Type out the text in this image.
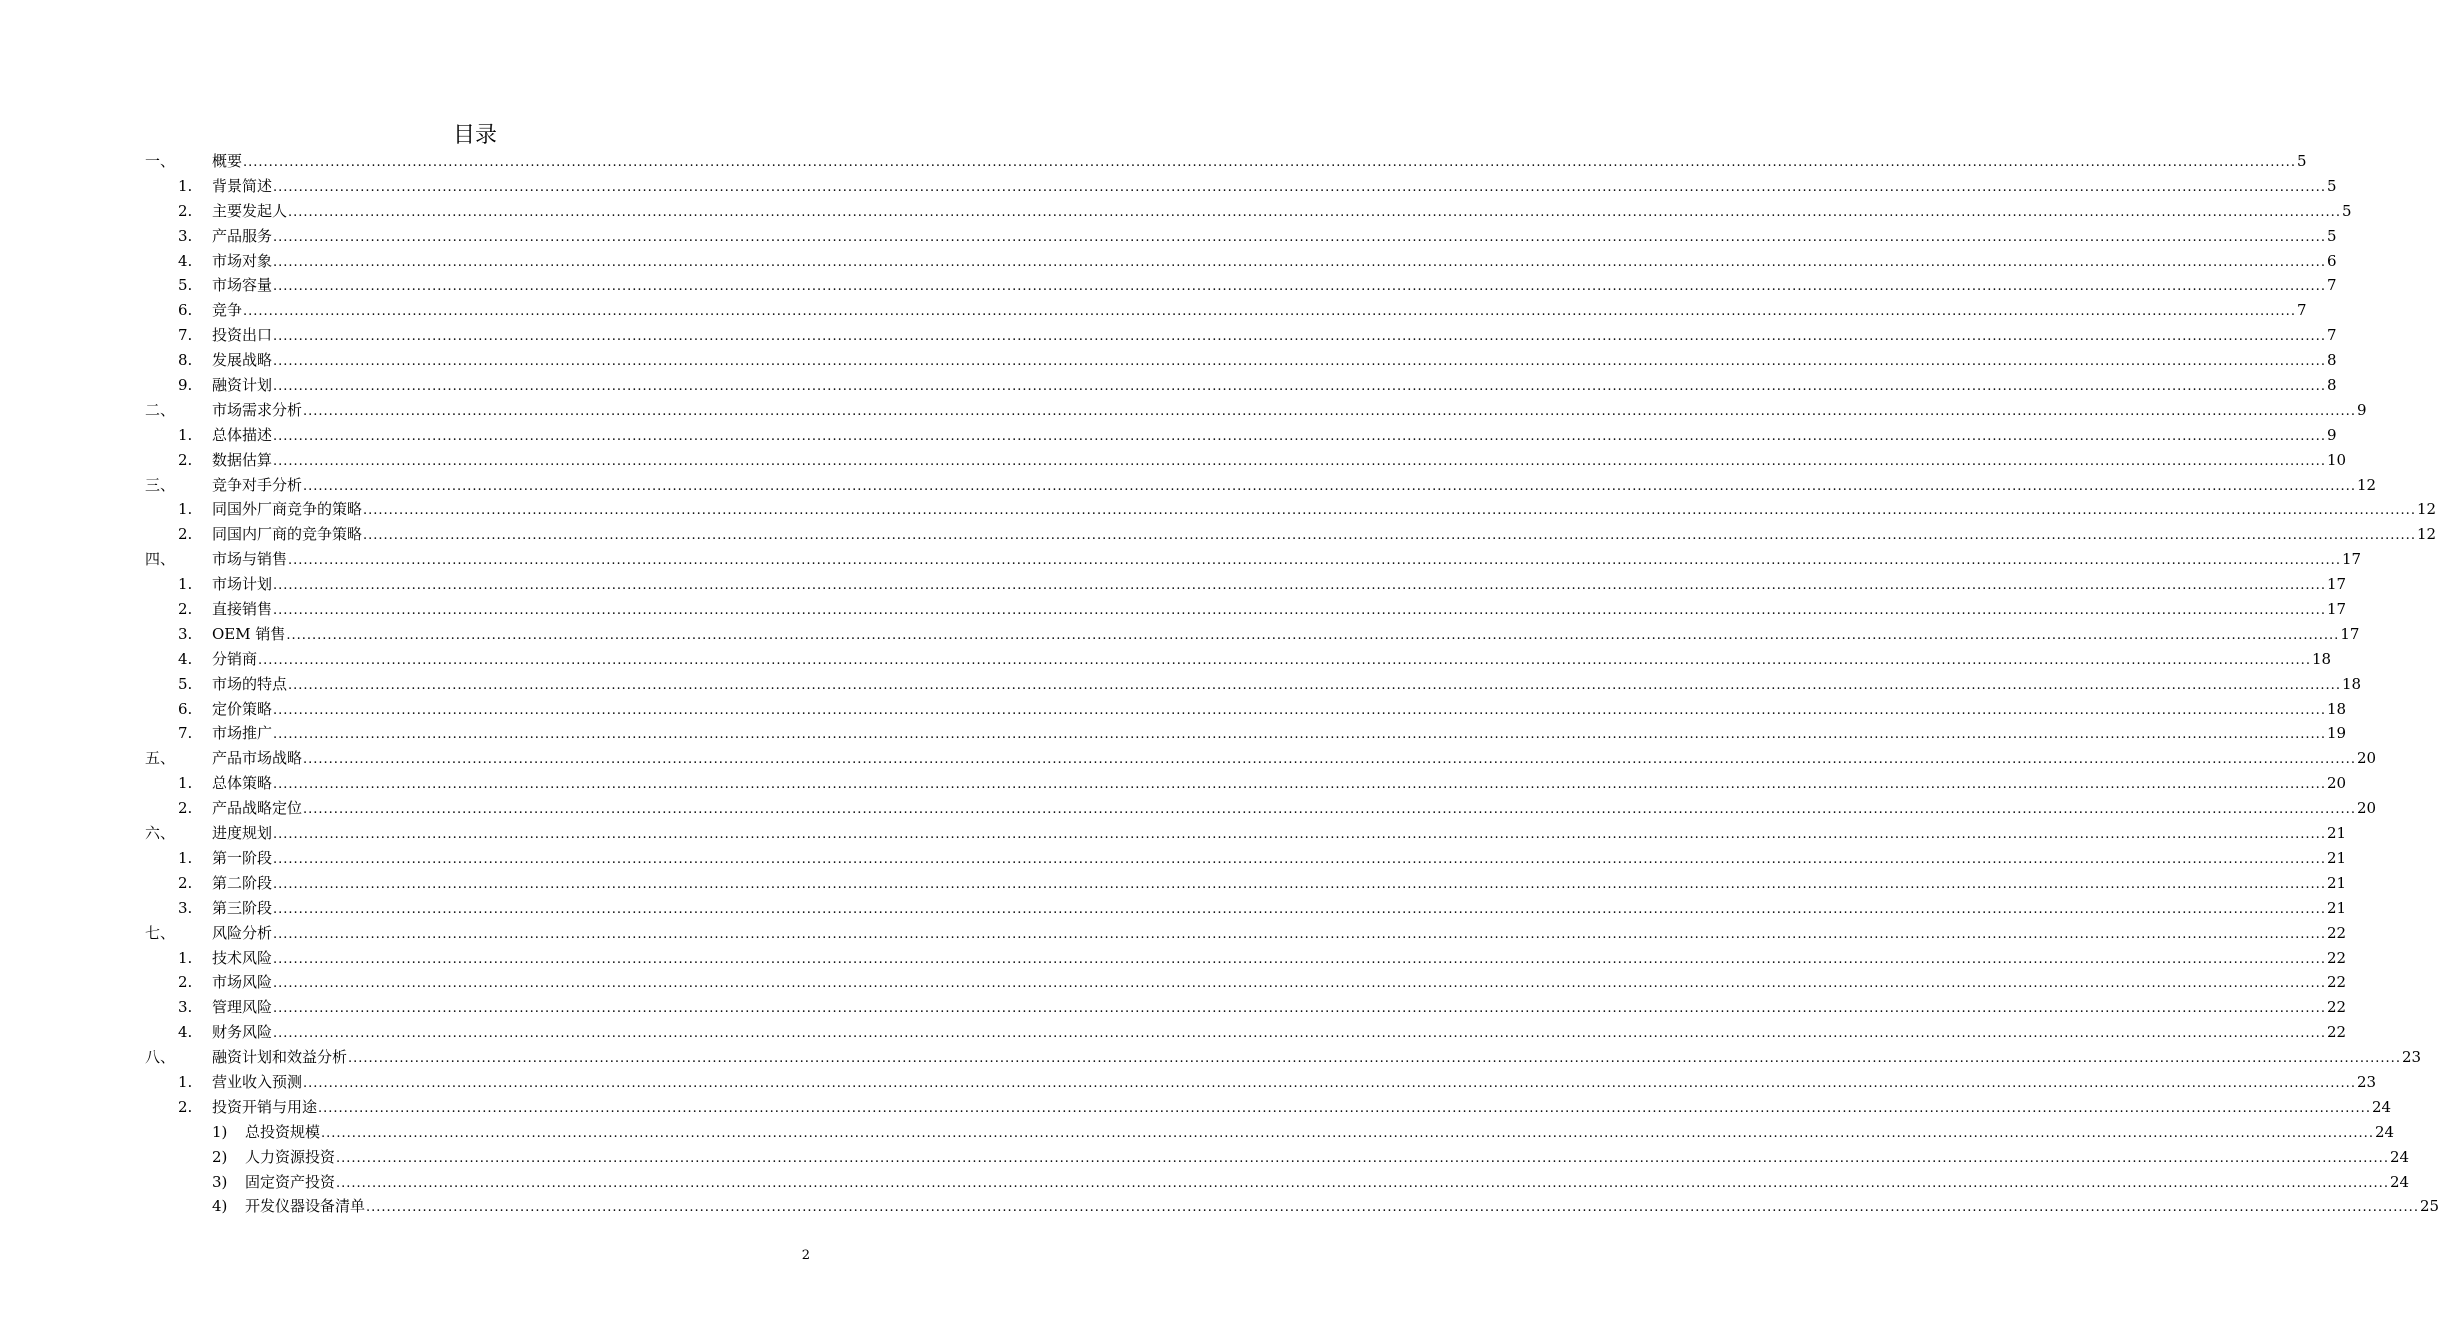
目录
一、 概要 ................................................................................................................................................................................................................................................................................................................................................................................................................ 5
1. 背景简述 ................................................................................................................................................................................................................................................................................................................................................................................................................ 5
2. 主要发起人 ................................................................................................................................................................................................................................................................................................................................................................................................................ 5
3. 产品服务 ................................................................................................................................................................................................................................................................................................................................................................................................................ 5
4. 市场对象 ................................................................................................................................................................................................................................................................................................................................................................................................................ 6
5. 市场容量 ................................................................................................................................................................................................................................................................................................................................................................................................................ 7
6. 竞争 ................................................................................................................................................................................................................................................................................................................................................................................................................ 7
7. 投资出口 ................................................................................................................................................................................................................................................................................................................................................................................................................ 7
8. 发展战略 ................................................................................................................................................................................................................................................................................................................................................................................................................ 8
9. 融资计划 ................................................................................................................................................................................................................................................................................................................................................................................................................ 8
二、 市场需求分析 ................................................................................................................................................................................................................................................................................................................................................................................................................ 9
1. 总体描述 ................................................................................................................................................................................................................................................................................................................................................................................................................ 9
2. 数据估算 ................................................................................................................................................................................................................................................................................................................................................................................................................ 10
三、 竞争对手分析 ................................................................................................................................................................................................................................................................................................................................................................................................................ 12
1. 同国外厂商竞争的策略 ................................................................................................................................................................................................................................................................................................................................................................................................................ 12
2. 同国内厂商的竞争策略 ................................................................................................................................................................................................................................................................................................................................................................................................................ 12
四、 市场与销售 ................................................................................................................................................................................................................................................................................................................................................................................................................ 17
1. 市场计划 ................................................................................................................................................................................................................................................................................................................................................................................................................ 17
2. 直接销售 ................................................................................................................................................................................................................................................................................................................................................................................................................ 17
3. OEM 销售 ................................................................................................................................................................................................................................................................................................................................................................................................................ 17
4. 分销商 ................................................................................................................................................................................................................................................................................................................................................................................................................ 18
5. 市场的特点 ................................................................................................................................................................................................................................................................................................................................................................................................................ 18
6. 定价策略 ................................................................................................................................................................................................................................................................................................................................................................................................................ 18
7. 市场推广 ................................................................................................................................................................................................................................................................................................................................................................................................................ 19
五、 产品市场战略 ................................................................................................................................................................................................................................................................................................................................................................................................................ 20
1. 总体策略 ................................................................................................................................................................................................................................................................................................................................................................................................................ 20
2. 产品战略定位 ................................................................................................................................................................................................................................................................................................................................................................................................................ 20
六、 进度规划 ................................................................................................................................................................................................................................................................................................................................................................................................................ 21
1. 第一阶段 ................................................................................................................................................................................................................................................................................................................................................................................................................ 21
2. 第二阶段 ................................................................................................................................................................................................................................................................................................................................................................................................................ 21
3. 第三阶段 ................................................................................................................................................................................................................................................................................................................................................................................................................ 21
七、 风险分析 ................................................................................................................................................................................................................................................................................................................................................................................................................ 22
1. 技术风险 ................................................................................................................................................................................................................................................................................................................................................................................................................ 22
2. 市场风险 ................................................................................................................................................................................................................................................................................................................................................................................................................ 22
3. 管理风险 ................................................................................................................................................................................................................................................................................................................................................................................................................ 22
4. 财务风险 ................................................................................................................................................................................................................................................................................................................................................................................................................ 22
八、 融资计划和效益分析 ................................................................................................................................................................................................................................................................................................................................................................................................................ 23
1. 营业收入预测 ................................................................................................................................................................................................................................................................................................................................................................................................................ 23
2. 投资开销与用途 ................................................................................................................................................................................................................................................................................................................................................................................................................ 24
1) 总投资规模 ................................................................................................................................................................................................................................................................................................................................................................................................................ 24
2) 人力资源投资 ................................................................................................................................................................................................................................................................................................................................................................................................................ 24
3) 固定资产投资 ................................................................................................................................................................................................................................................................................................................................................................................................................ 24
4) 开发仪器设备清单 ................................................................................................................................................................................................................................................................................................................................................................................................................ 25
2
